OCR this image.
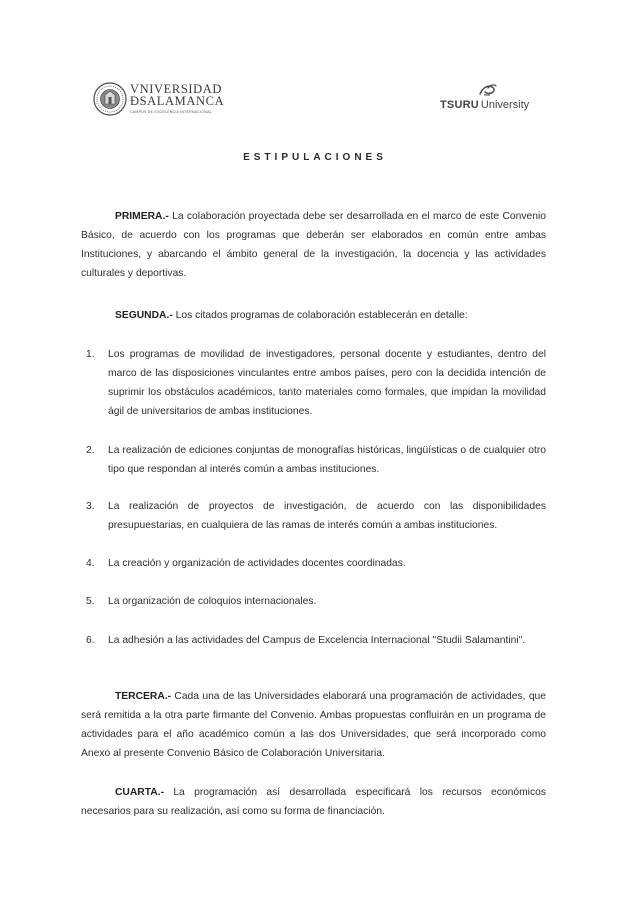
VNIVERSIDAD
ÐSALAMANCA
CAMPUS DE EXCELENCIA INTERNACIONAL
TSURU University
ESTIPULACIONES
PRIMERA.- La colaboración proyectada debe ser desarrollada en el marco de este Convenio Básico, de acuerdo con los programas que deberán ser elaborados en común entre ambas Instituciones, y abarcando el ámbito general de la investigación, la docencia y las actividades culturales y deportivas.
SEGUNDA.- Los citados programas de colaboración establecerán en detalle:
1. Los programas de movilidad de investigadores, personal docente y estudiantes, dentro del marco de las disposiciones vinculantes entre ambos países, pero con la decidida intención de suprimir los obstáculos académicos, tanto materiales como formales, que impidan la movilidad ágil de universitarios de ambas instituciones.
2. La realización de ediciones conjuntas de monografías históricas, lingüísticas o de cualquier otro tipo que respondan al interés común a ambas instituciones.
3. La realización de proyectos de investigación, de acuerdo con las disponibilidades presupuestarias, en cualquiera de las ramas de interés común a ambas instituciones.
4. La creación y organización de actividades docentes coordinadas.
5. La organización de coloquios internacionales.
6. La adhesión a las actividades del Campus de Excelencia Internacional "Studii Salamantini".
TERCERA.- Cada una de las Universidades elaborará una programación de actividades, que será remitida a la otra parte firmante del Convenio. Ambas propuestas confluirán en un programa de actividades para el año académico común a las dos Universidades, que será incorporado como Anexo al presente Convenio Básico de Colaboración Universitaria.
CUARTA.- La programación así desarrollada especificará los recursos económicos necesarios para su realización, así como su forma de financiación.
